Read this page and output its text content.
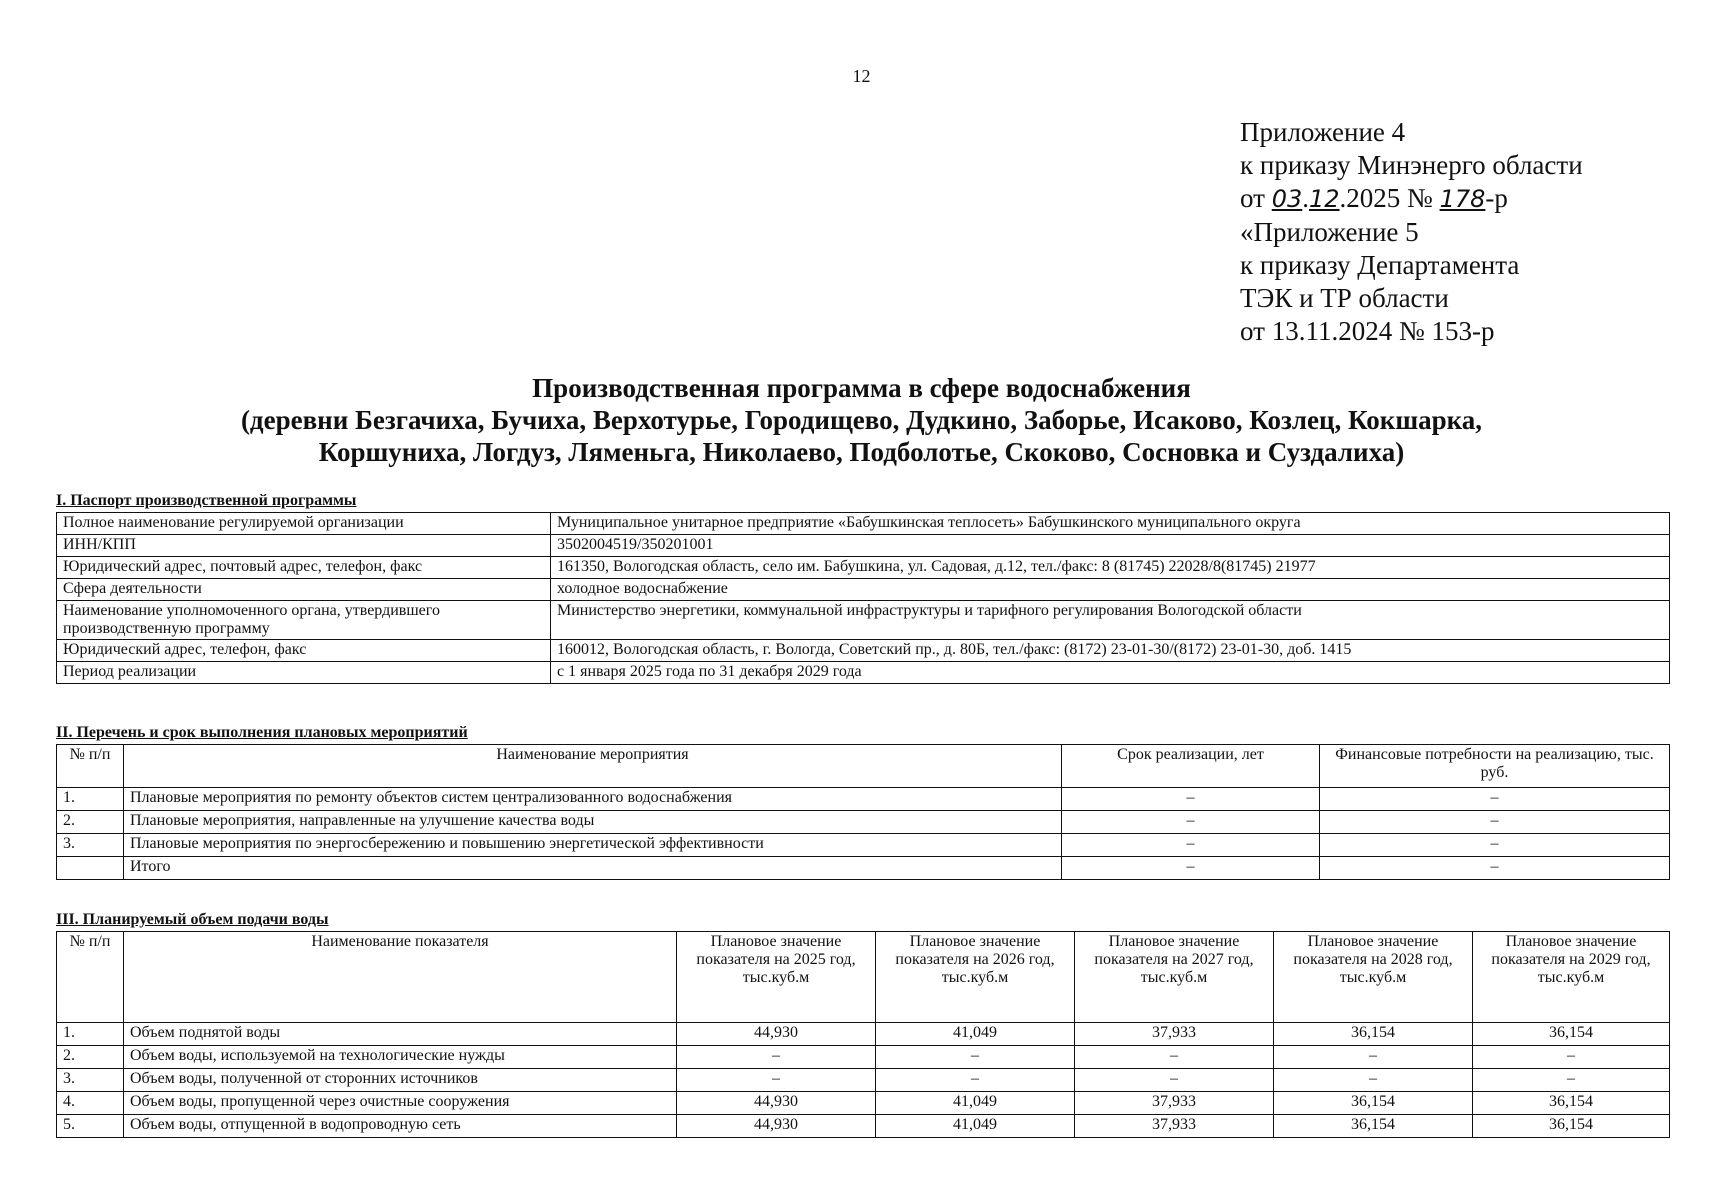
12
Приложение 4
к приказу Минэнерго области
от 03.12.2025 № 178-р
«Приложение 5
к приказу Департамента
ТЭК и ТР области
от 13.11.2024 № 153-р
Производственная программа в сфере водоснабжения
(деревни Безгачиха, Бучиха, Верхотурье, Городищево, Дудкино, Заборье, Исаково, Козлец, Кокшарка,
Коршуниха, Логдуз, Ляменьга, Николаево, Подболотье, Скоково, Сосновка и Суздалиха)
I. Паспорт производственной программы
Полное наименование регулируемой организации	Муниципальное унитарное предприятие «Бабушкинская теплосеть» Бабушкинского муниципального округа
ИНН/КПП	3502004519/350201001
Юридический адрес, почтовый адрес, телефон, факс	161350, Вологодская область, село им. Бабушкина, ул. Садовая, д.12, тел./факс: 8 (81745) 22028/8(81745) 21977
Сфера деятельности	холодное водоснабжение
Наименование уполномоченного органа, утвердившего производственную программу	Министерство энергетики, коммунальной инфраструктуры и тарифного регулирования Вологодской области
Юридический адрес, телефон, факс	160012, Вологодская область, г. Вологда, Советский пр., д. 80Б, тел./факс: (8172) 23-01-30/(8172) 23-01-30, доб. 1415
Период реализации	с 1 января 2025 года по 31 декабря 2029 года
II. Перечень и срок выполнения плановых мероприятий
№ п/п	Наименование мероприятия	Срок реализации, лет	Финансовые потребности на реализацию, тыс. руб.
1.	Плановые мероприятия по ремонту объектов систем централизованного водоснабжения	–	–
2.	Плановые мероприятия, направленные на улучшение качества воды	–	–
3.	Плановые мероприятия по энергосбережению и повышению энергетической эффективности	–	–
	Итого	–	–
III. Планируемый объем подачи воды
№ п/п	Наименование показателя	Плановое значение показателя на 2025 год, тыс.куб.м	Плановое значение показателя на 2026 год, тыс.куб.м	Плановое значение показателя на 2027 год, тыс.куб.м	Плановое значение показателя на 2028 год, тыс.куб.м	Плановое значение показателя на 2029 год, тыс.куб.м
1.	Объем поднятой воды	44,930	41,049	37,933	36,154	36,154
2.	Объем воды, используемой на технологические нужды	–	–	–	–	–
3.	Объем воды, полученной от сторонних источников	–	–	–	–	–
4.	Объем воды, пропущенной через очистные сооружения	44,930	41,049	37,933	36,154	36,154
5.	Объем воды, отпущенной в водопроводную сеть	44,930	41,049	37,933	36,154	36,154
